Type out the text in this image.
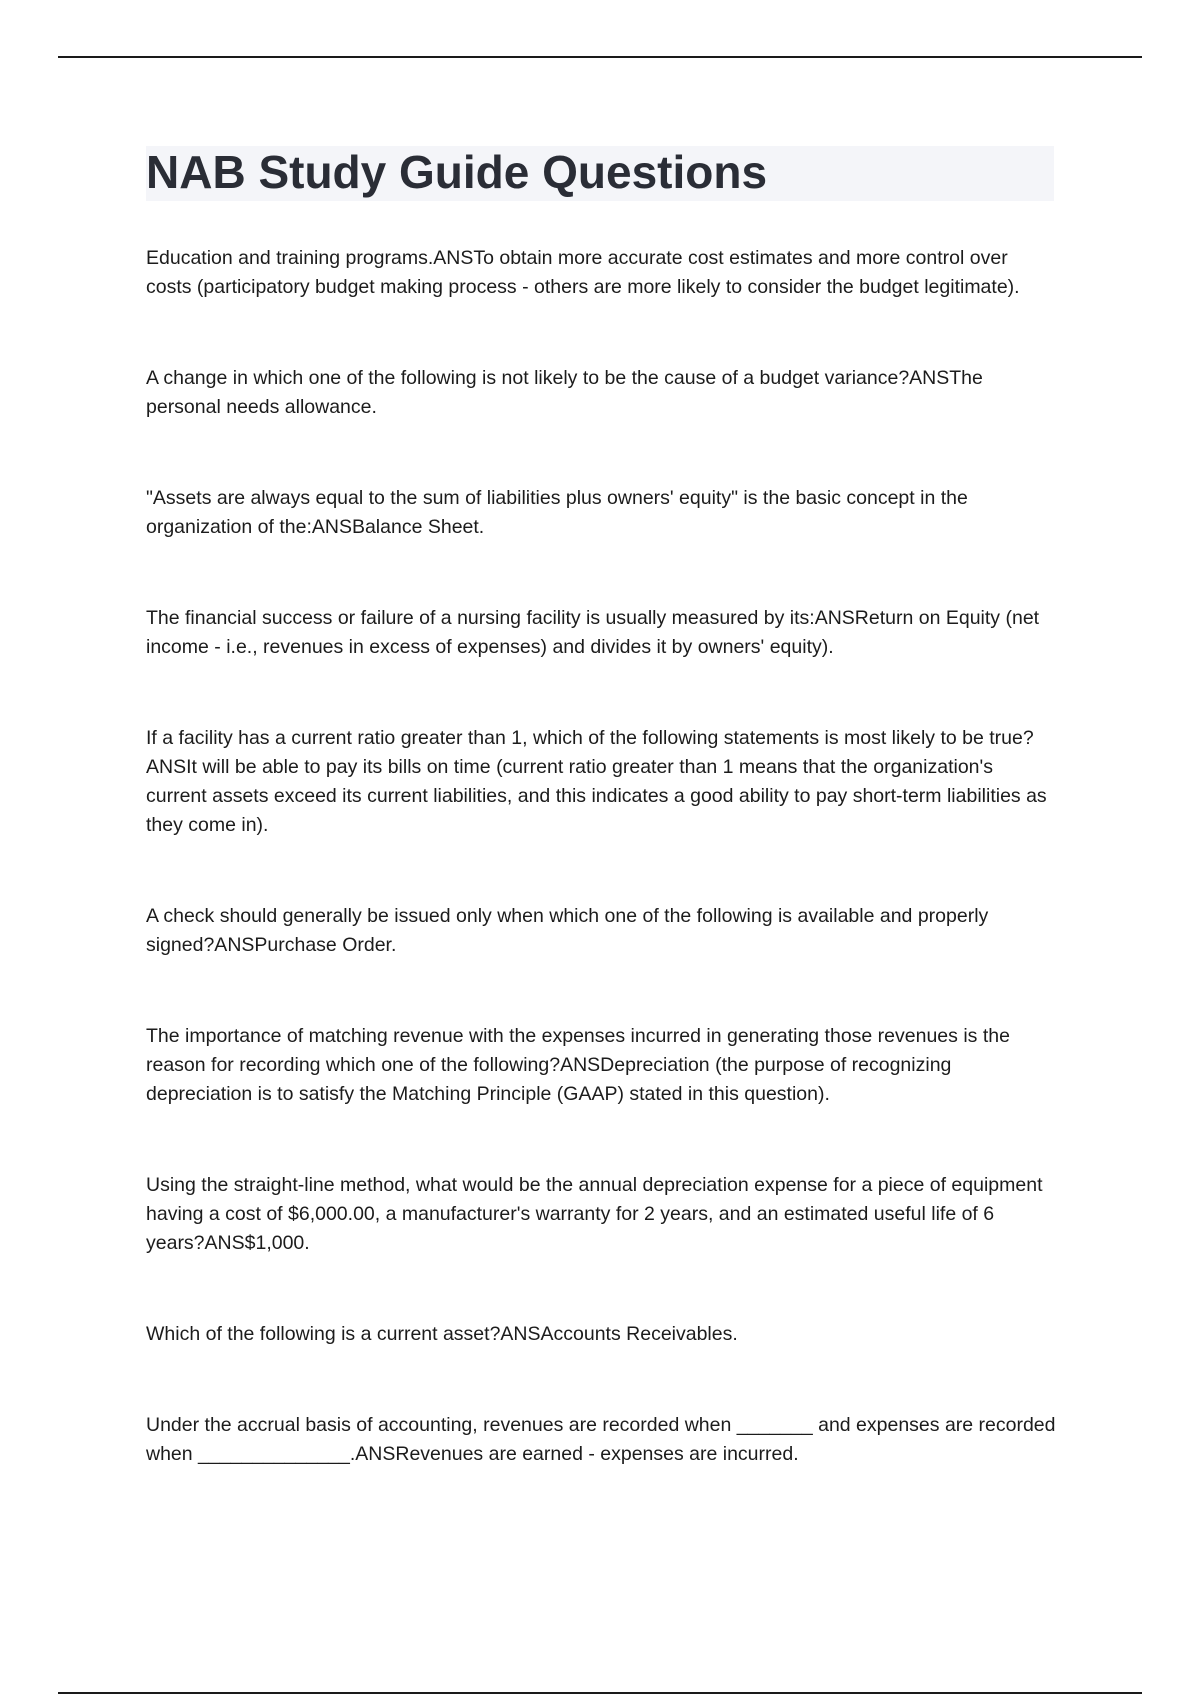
NAB Study Guide Questions

Education and training programs.ANSTo obtain more accurate cost estimates and more control over costs (participatory budget making process - others are more likely to consider the budget legitimate).

A change in which one of the following is not likely to be the cause of a budget variance?ANSThe personal needs allowance.

"Assets are always equal to the sum of liabilities plus owners' equity" is the basic concept in the organization of the:ANSBalance Sheet.

The financial success or failure of a nursing facility is usually measured by its:ANSReturn on Equity (net income - i.e., revenues in excess of expenses) and divides it by owners' equity).

If a facility has a current ratio greater than 1, which of the following statements is most likely to be true?ANSIt will be able to pay its bills on time (current ratio greater than 1 means that the organization's current assets exceed its current liabilities, and this indicates a good ability to pay short-term liabilities as they come in).

A check should generally be issued only when which one of the following is available and properly signed?ANSPurchase Order.

The importance of matching revenue with the expenses incurred in generating those revenues is the reason for recording which one of the following?ANSDepreciation (the purpose of recognizing depreciation is to satisfy the Matching Principle (GAAP) stated in this question).

Using the straight-line method, what would be the annual depreciation expense for a piece of equipment having a cost of $6,000.00, a manufacturer's warranty for 2 years, and an estimated useful life of 6 years?ANS$1,000.

Which of the following is a current asset?ANSAccounts Receivables.

Under the accrual basis of accounting, revenues are recorded when _______ and expenses are recorded when ______________.ANSRevenues are earned - expenses are incurred.
